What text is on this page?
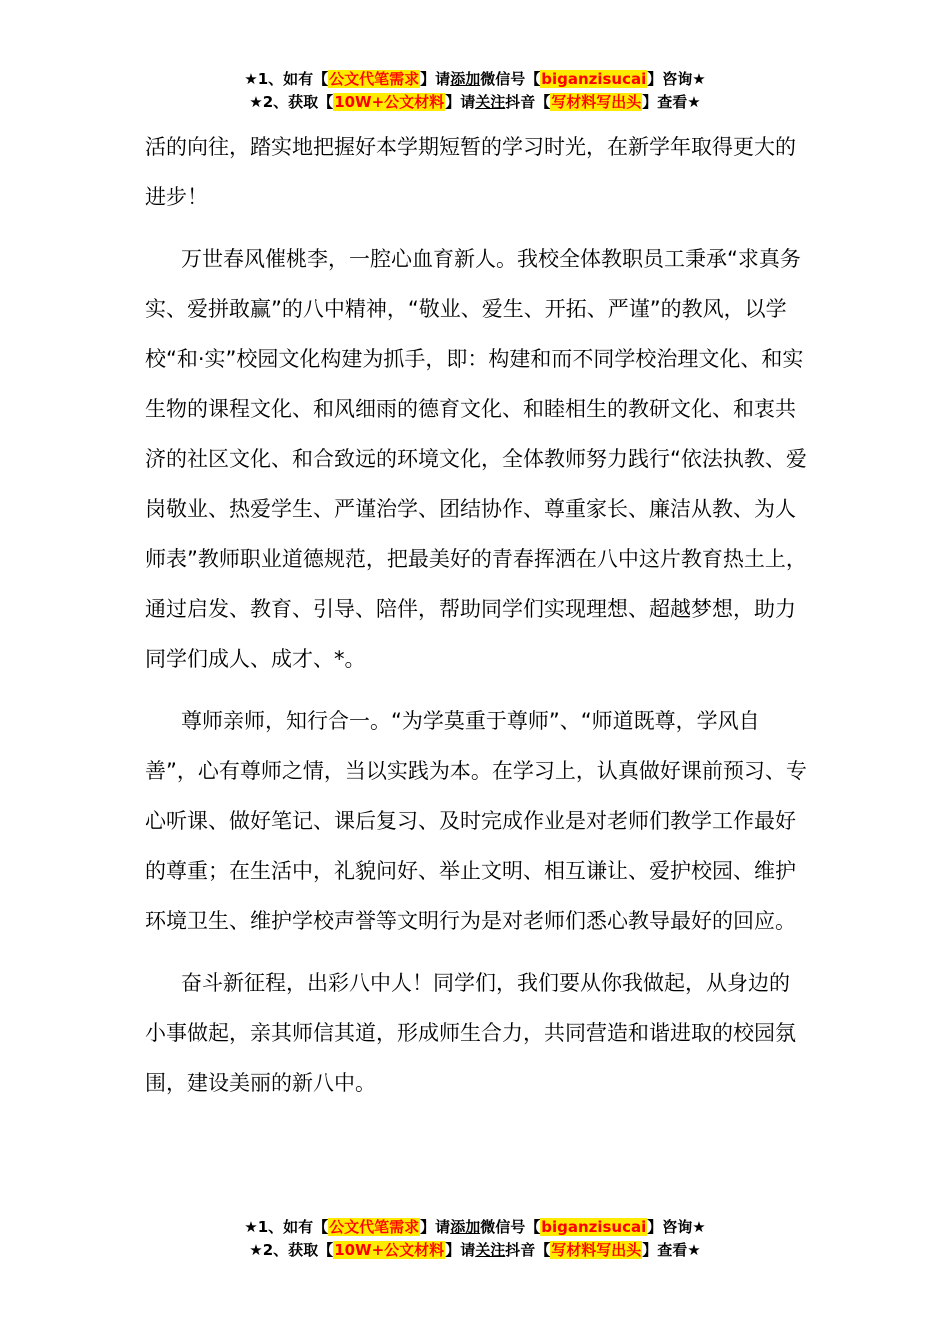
★1、如有【公文代笔需求】请添加微信号【biganzisucai】咨询★
★2、获取【10W+公文材料】请关注抖音【写材料写出头】查看★

活的向往，踏实地把握好本学期短暂的学习时光，在新学年取得更大的进步！

万世春风催桃李，一腔心血育新人。我校全体教职员工秉承“求真务实、爱拼敢赢”的八中精神，“敬业、爱生、开拓、严谨”的教风，以学校“和·实”校园文化构建为抓手，即：构建和而不同学校治理文化、和实生物的课程文化、和风细雨的德育文化、和睦相生的教研文化、和衷共济的社区文化、和合致远的环境文化，全体教师努力践行“依法执教、爱岗敬业、热爱学生、严谨治学、团结协作、尊重家长、廉洁从教、为人师表”教师职业道德规范，把最美好的青春挥洒在八中这片教育热土上，通过启发、教育、引导、陪伴，帮助同学们实现理想、超越梦想，助力同学们成人、成才、*。

尊师亲师，知行合一。“为学莫重于尊师”、“师道既尊，学风自善”，心有尊师之情，当以实践为本。在学习上，认真做好课前预习、专心听课、做好笔记、课后复习、及时完成作业是对老师们教学工作最好的尊重；在生活中，礼貌问好、举止文明、相互谦让、爱护校园、维护环境卫生、维护学校声誉等文明行为是对老师们悉心教导最好的回应。

奋斗新征程，出彩八中人！同学们，我们要从你我做起，从身边的小事做起，亲其师信其道，形成师生合力，共同营造和谐进取的校园氛围，建设美丽的新八中。

★1、如有【公文代笔需求】请添加微信号【biganzisucai】咨询★
★2、获取【10W+公文材料】请关注抖音【写材料写出头】查看★
